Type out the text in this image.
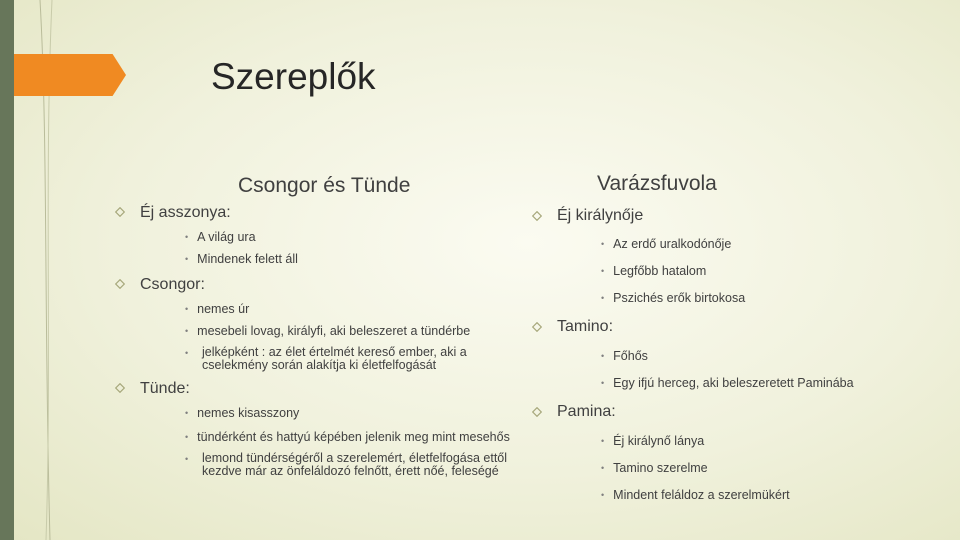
Szereplők
Csongor és Tünde
Éj asszonya:
• A világ ura
• Mindenek felett áll
Csongor:
• nemes úr
• mesebeli lovag, királyfi, aki beleszeret a tündérbe
•	jelképként : az élet értelmét kereső ember, aki a cselekmény során alakítja ki életfelfogását
Tünde:
• nemes kisasszony
• tündérként és hattyú képében jelenik meg mint mesehős
•	lemond tündérségéről a szerelemért, életfelfogása ettől kezdve már az önfeláldozó felnőtt, érett nőé, feleségé
Varázsfuvola
Éj királynője
• Az erdő uralkodónője
• Legfőbb hatalom
• Pszichés erők birtokosa
Tamino:
• Főhős
• Egy ifjú herceg, aki beleszeretett Paminába
Pamina:
• Éj királynő lánya
• Tamino szerelme
• Mindent feláldoz a szerelmükért
